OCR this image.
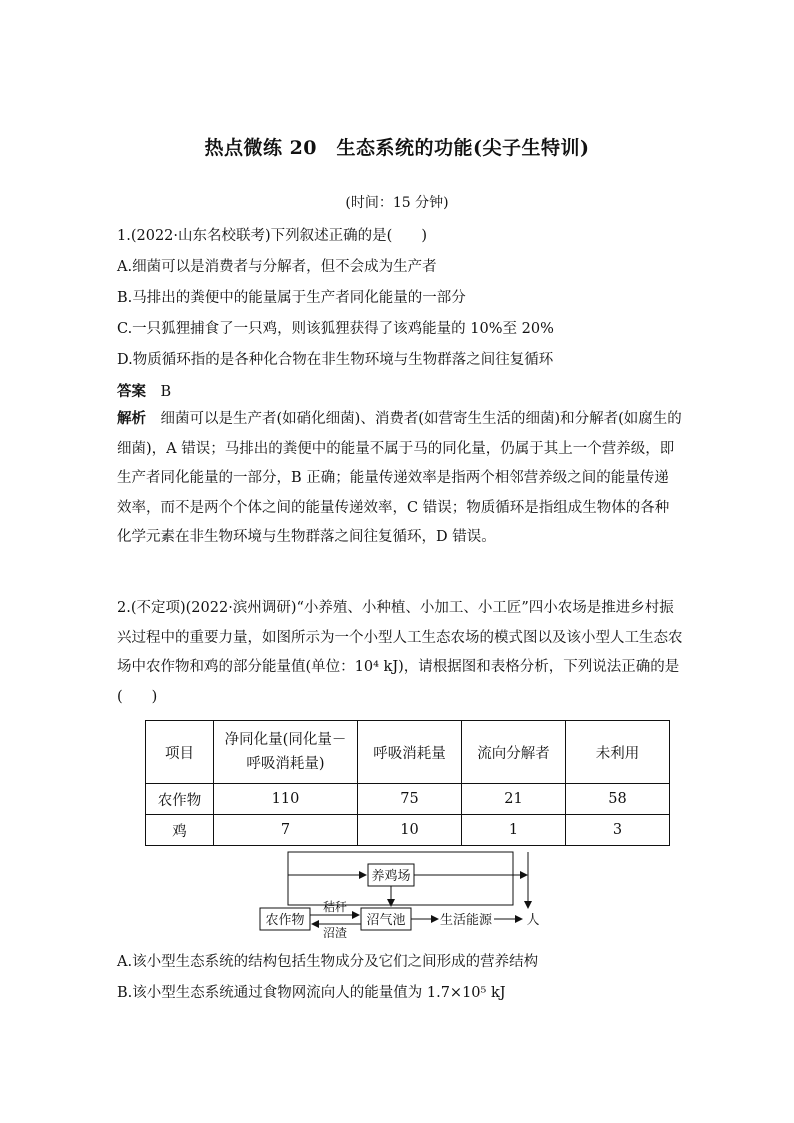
热点微练 20　生态系统的功能(尖子生特训)
(时间：15 分钟)
1.(2022·山东名校联考)下列叙述正确的是(　　)
A.细菌可以是消费者与分解者，但不会成为生产者
B.马排出的粪便中的能量属于生产者同化能量的一部分
C.一只狐狸捕食了一只鸡，则该狐狸获得了该鸡能量的 10%至 20%
D.物质循环指的是各种化合物在非生物环境与生物群落之间往复循环
答案　 B
解析　 细菌可以是生产者(如硝化细菌)、消费者(如营寄生生活的细菌)和分解者(如腐生的细菌)，A 错误；马排出的粪便中的能量不属于马的同化量，仍属于其上一个营养级，即生产者同化能量的一部分，B 正确；能量传递效率是指两个相邻营养级之间的能量传递效率，而不是两个个体之间的能量传递效率，C 错误；物质循环是指组成生物体的各种化学元素在非生物环境与生物群落之间往复循环，D 错误。
2.(不定项)(2022·滨州调研)“小养殖、小种植、小加工、小工匠”四小农场是推进乡村振兴过程中的重要力量，如图所示为一个小型人工生态农场的模式图以及该小型人工生态农场中农作物和鸡的部分能量值(单位：10⁴ kJ)，请根据图和表格分析，下列说法正确的是(　　)
项目	净同化量(同化量－呼吸消耗量)	呼吸消耗量	流向分解者	未利用
农作物	110	75	21	58
鸡	7	10	1	3
养鸡场
农作物	沼气池
秸秆
沼渣
生活能源	人
A.该小型生态系统的结构包括生物成分及它们之间形成的营养结构
B.该小型生态系统通过食物网流向人的能量值为 1.7×10⁵ kJ
